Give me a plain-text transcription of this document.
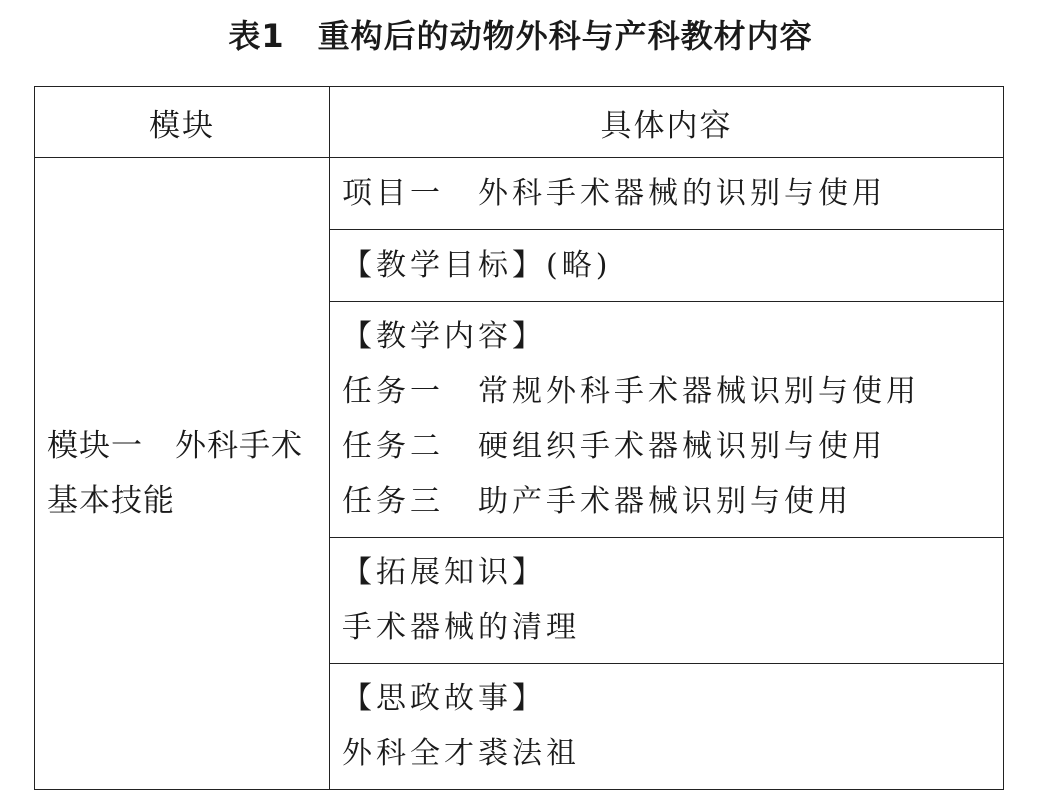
表1　重构后的动物外科与产科教材内容
模块	具体内容
模块一　外科手术基本技能	项目一　外科手术器械的识别与使用

	【教学目标】(略)

	【教学内容】
任务一　常规外科手术器械识别与使用
任务二　硬组织手术器械识别与使用
任务三　助产手术器械识别与使用

	【拓展知识】
手术器械的清理

	【思政故事】
外科全才裘法祖
